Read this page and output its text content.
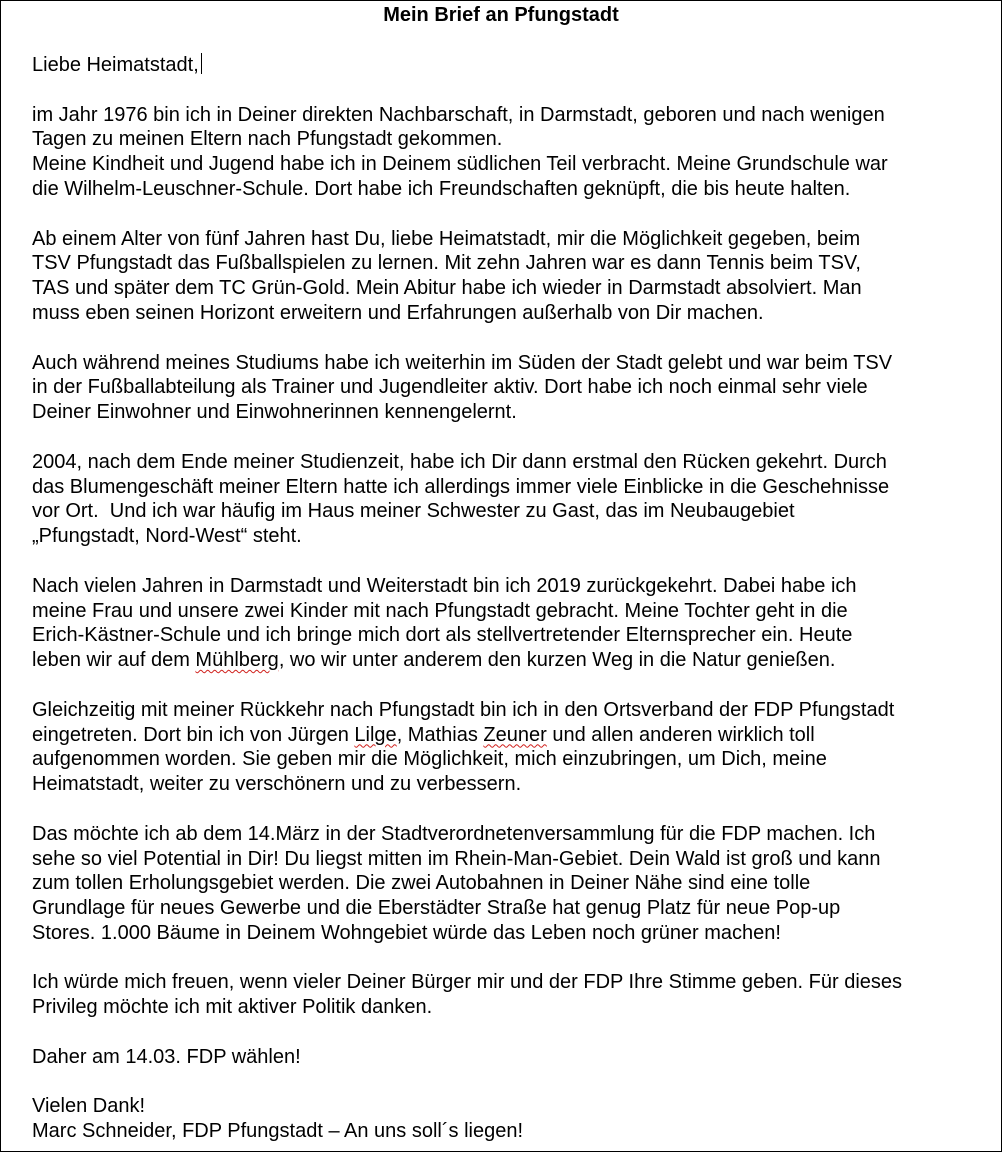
Mein Brief an Pfungstadt

Liebe Heimatstadt,

im Jahr 1976 bin ich in Deiner direkten Nachbarschaft, in Darmstadt, geboren und nach wenigen
Tagen zu meinen Eltern nach Pfungstadt gekommen.
Meine Kindheit und Jugend habe ich in Deinem südlichen Teil verbracht. Meine Grundschule war
die Wilhelm-Leuschner-Schule. Dort habe ich Freundschaften geknüpft, die bis heute halten.

Ab einem Alter von fünf Jahren hast Du, liebe Heimatstadt, mir die Möglichkeit gegeben, beim
TSV Pfungstadt das Fußballspielen zu lernen. Mit zehn Jahren war es dann Tennis beim TSV,
TAS und später dem TC Grün-Gold. Mein Abitur habe ich wieder in Darmstadt absolviert. Man
muss eben seinen Horizont erweitern und Erfahrungen außerhalb von Dir machen.

Auch während meines Studiums habe ich weiterhin im Süden der Stadt gelebt und war beim TSV
in der Fußballabteilung als Trainer und Jugendleiter aktiv. Dort habe ich noch einmal sehr viele
Deiner Einwohner und Einwohnerinnen kennengelernt.

2004, nach dem Ende meiner Studienzeit, habe ich Dir dann erstmal den Rücken gekehrt. Durch
das Blumengeschäft meiner Eltern hatte ich allerdings immer viele Einblicke in die Geschehnisse
vor Ort.  Und ich war häufig im Haus meiner Schwester zu Gast, das im Neubaugebiet
„Pfungstadt, Nord-West“ steht.

Nach vielen Jahren in Darmstadt und Weiterstadt bin ich 2019 zurückgekehrt. Dabei habe ich
meine Frau und unsere zwei Kinder mit nach Pfungstadt gebracht. Meine Tochter geht in die
Erich-Kästner-Schule und ich bringe mich dort als stellvertretender Elternsprecher ein. Heute
leben wir auf dem Mühlberg, wo wir unter anderem den kurzen Weg in die Natur genießen.

Gleichzeitig mit meiner Rückkehr nach Pfungstadt bin ich in den Ortsverband der FDP Pfungstadt
eingetreten. Dort bin ich von Jürgen Lilge, Mathias Zeuner und allen anderen wirklich toll
aufgenommen worden. Sie geben mir die Möglichkeit, mich einzubringen, um Dich, meine
Heimatstadt, weiter zu verschönern und zu verbessern.

Das möchte ich ab dem 14.März in der Stadtverordnetenversammlung für die FDP machen. Ich
sehe so viel Potential in Dir! Du liegst mitten im Rhein-Man-Gebiet. Dein Wald ist groß und kann
zum tollen Erholungsgebiet werden. Die zwei Autobahnen in Deiner Nähe sind eine tolle
Grundlage für neues Gewerbe und die Eberstädter Straße hat genug Platz für neue Pop-up
Stores. 1.000 Bäume in Deinem Wohngebiet würde das Leben noch grüner machen!

Ich würde mich freuen, wenn vieler Deiner Bürger mir und der FDP Ihre Stimme geben. Für dieses
Privileg möchte ich mit aktiver Politik danken.

Daher am 14.03. FDP wählen!

Vielen Dank!
Marc Schneider, FDP Pfungstadt – An uns soll´s liegen!
